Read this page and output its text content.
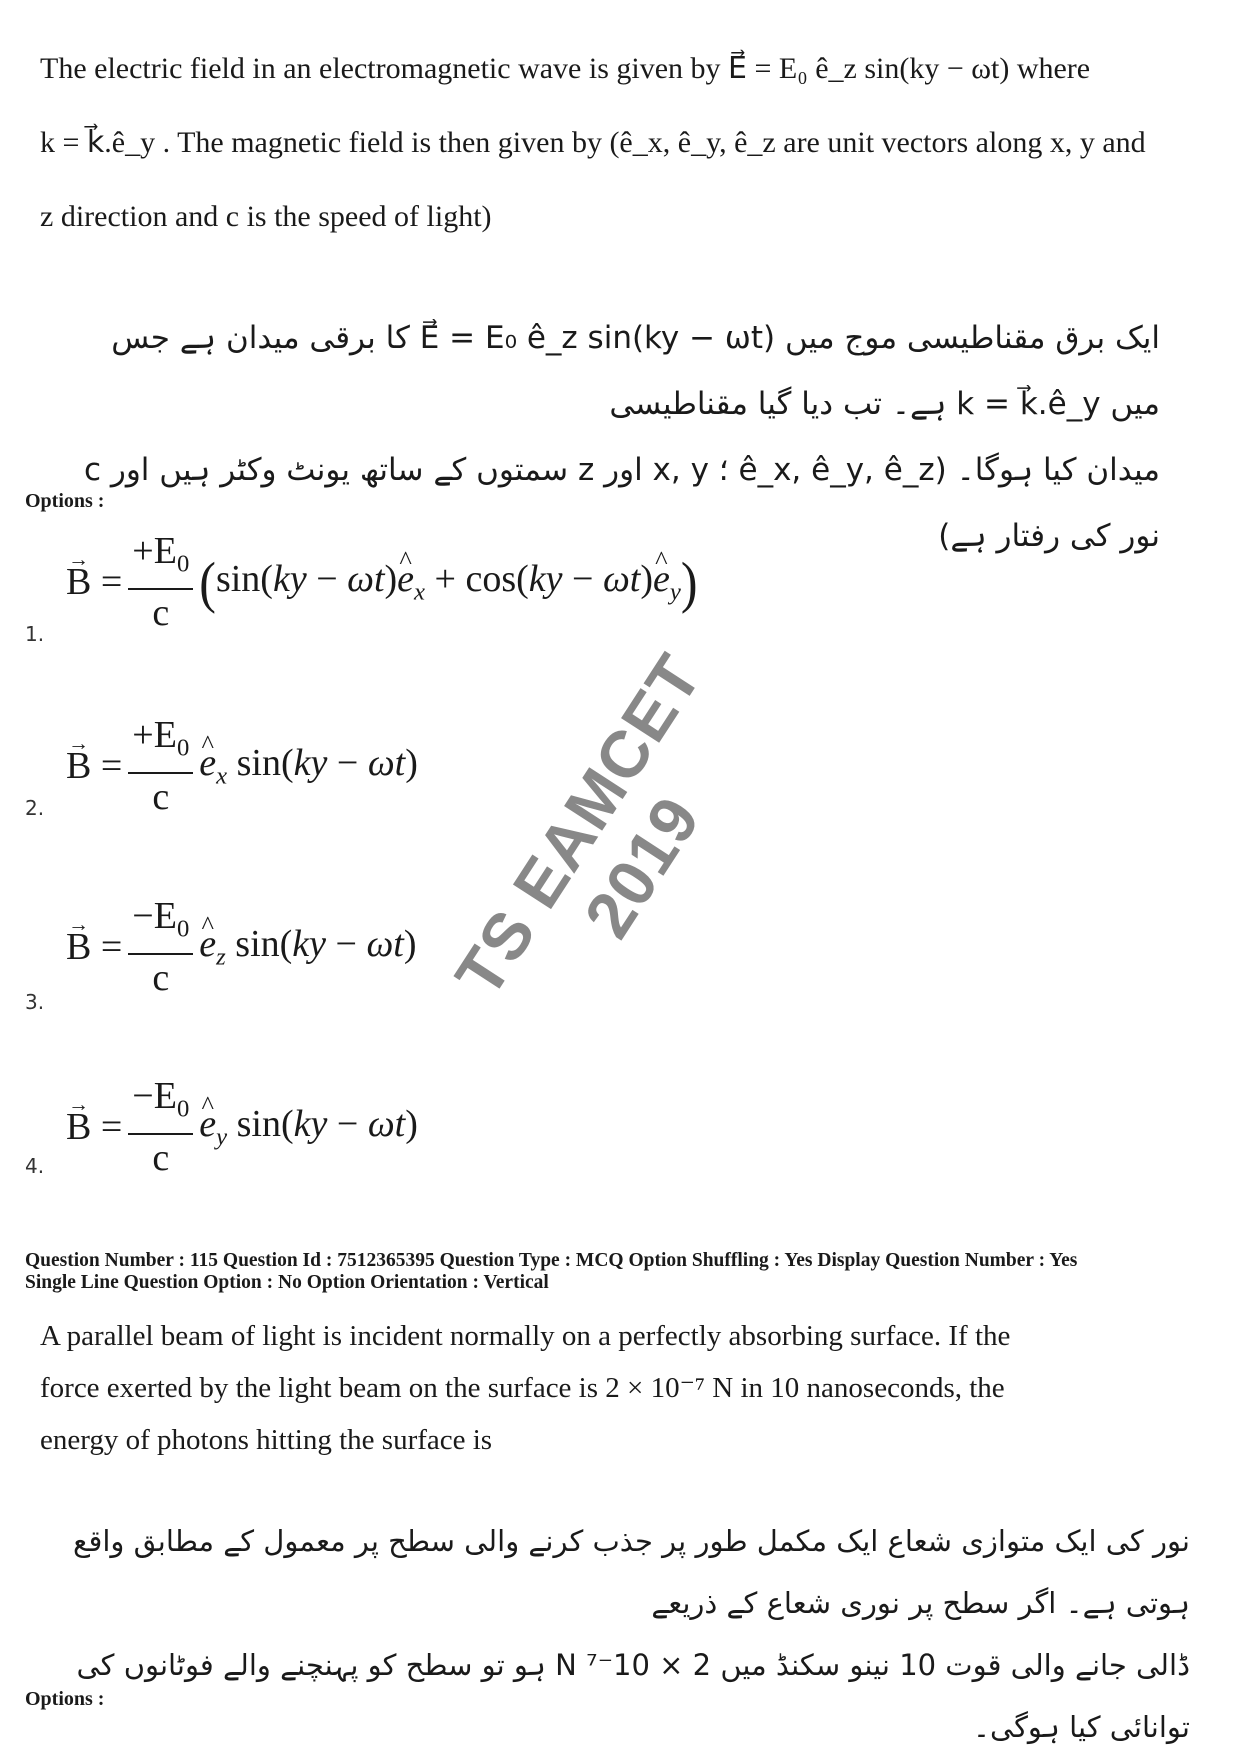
The electric field in an electromagnetic wave is given by E⃗ = E₀ ê_z sin(ky − ωt) where
k = k⃗.ê_y . The magnetic field is then given by (ê_x, ê_y, ê_z are unit vectors along x, y and
z direction and c is the speed of light)
ایک برق مقناطیسی موج میں E⃗ = E₀ ê_z sin(ky − ωt) کا برقی میدان ہے جس میں k = k⃗.ê_y ہے۔ تب دیا گیا مقناطیسی
میدان کیا ہوگا۔ (ê_x, ê_y, ê_z ؛ x, y اور z سمتوں کے ساتھ یونٹ وکٹر ہیں اور c نور کی رفتار ہے)
Options :
→ $B = \frac{+E_0}{c}$ ( sin(ky − ωt)^ $e_x + \cos(ky$ − ωt)^ $e_y$ )
1.
→ $B = \frac{+E_0}{c}$ ^ $e_x$ sin(ky − ωt)
2.
→ $B = \frac{-E_0}{c}$ ^ $e_z$ sin(ky − ωt)
3.
→ $B = \frac{-E_0}{c}$ ^ $e_y$ sin(ky − ωt)
4.
TS EAMCET 2019
Question Number : 115 Question Id : 7512365395 Question Type : MCQ Option Shuffling : Yes Display Question Number : Yes
Single Line Question Option : No Option Orientation : Vertical
A parallel beam of light is incident normally on a perfectly absorbing surface. If the
force exerted by the light beam on the surface is 2 × 10⁻⁷ N in 10 nanoseconds, the
energy of photons hitting the surface is
نور کی ایک متوازی شعاع ایک مکمل طور پر جذب کرنے والی سطح پر معمول کے مطابق واقع ہوتی ہے۔ اگر سطح پر نوری شعاع کے ذریعے
ڈالی جانے والی قوت 10 نینو سکنڈ میں 2 × 10⁻⁷ N ہو تو سطح کو پہنچنے والے فوٹانوں کی توانائی کیا ہوگی۔
Options :
